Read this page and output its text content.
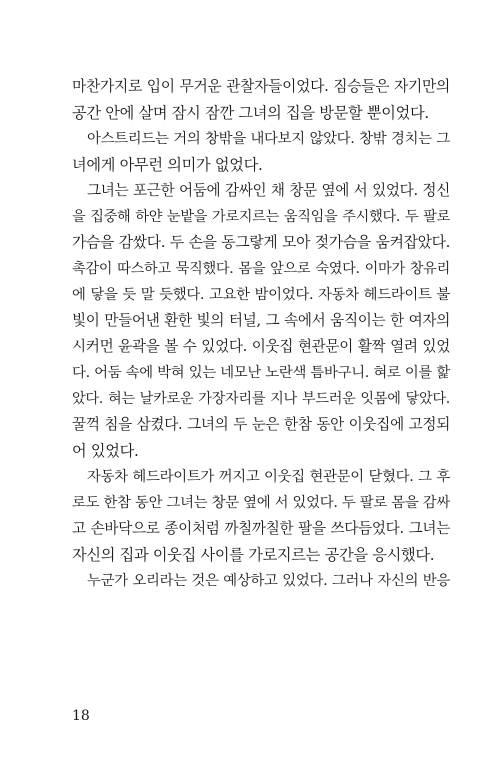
마찬가지로 입이 무거운 관찰자들이었다. 짐승들은 자기만의
공간 안에 살며 잠시 잠깐 그녀의 집을 방문할 뿐이었다.
아스트리드는 거의 창밖을 내다보지 않았다. 창밖 경치는 그
녀에게 아무런 의미가 없었다.
그녀는 포근한 어둠에 감싸인 채 창문 옆에 서 있었다. 정신
을 집중해 하얀 눈밭을 가로지르는 움직임을 주시했다. 두 팔로
가슴을 감쌌다. 두 손을 동그랗게 모아 젖가슴을 움켜잡았다.
촉감이 따스하고 묵직했다. 몸을 앞으로 숙였다. 이마가 창유리
에 닿을 듯 말 듯했다. 고요한 밤이었다. 자동차 헤드라이트 불
빛이 만들어낸 환한 빛의 터널, 그 속에서 움직이는 한 여자의
시커먼 윤곽을 볼 수 있었다. 이웃집 현관문이 활짝 열려 있었
다. 어둠 속에 박혀 있는 네모난 노란색 틈바구니. 혀로 이를 핥
았다. 혀는 날카로운 가장자리를 지나 부드러운 잇몸에 닿았다.
꿀꺽 침을 삼켰다. 그녀의 두 눈은 한참 동안 이웃집에 고정되
어 있었다.
자동차 헤드라이트가 꺼지고 이웃집 현관문이 닫혔다. 그 후
로도 한참 동안 그녀는 창문 옆에 서 있었다. 두 팔로 몸을 감싸
고 손바닥으로 종이처럼 까칠까칠한 팔을 쓰다듬었다. 그녀는
자신의 집과 이웃집 사이를 가로지르는 공간을 응시했다.
누군가 오리라는 것은 예상하고 있었다. 그러나 자신의 반응
18
